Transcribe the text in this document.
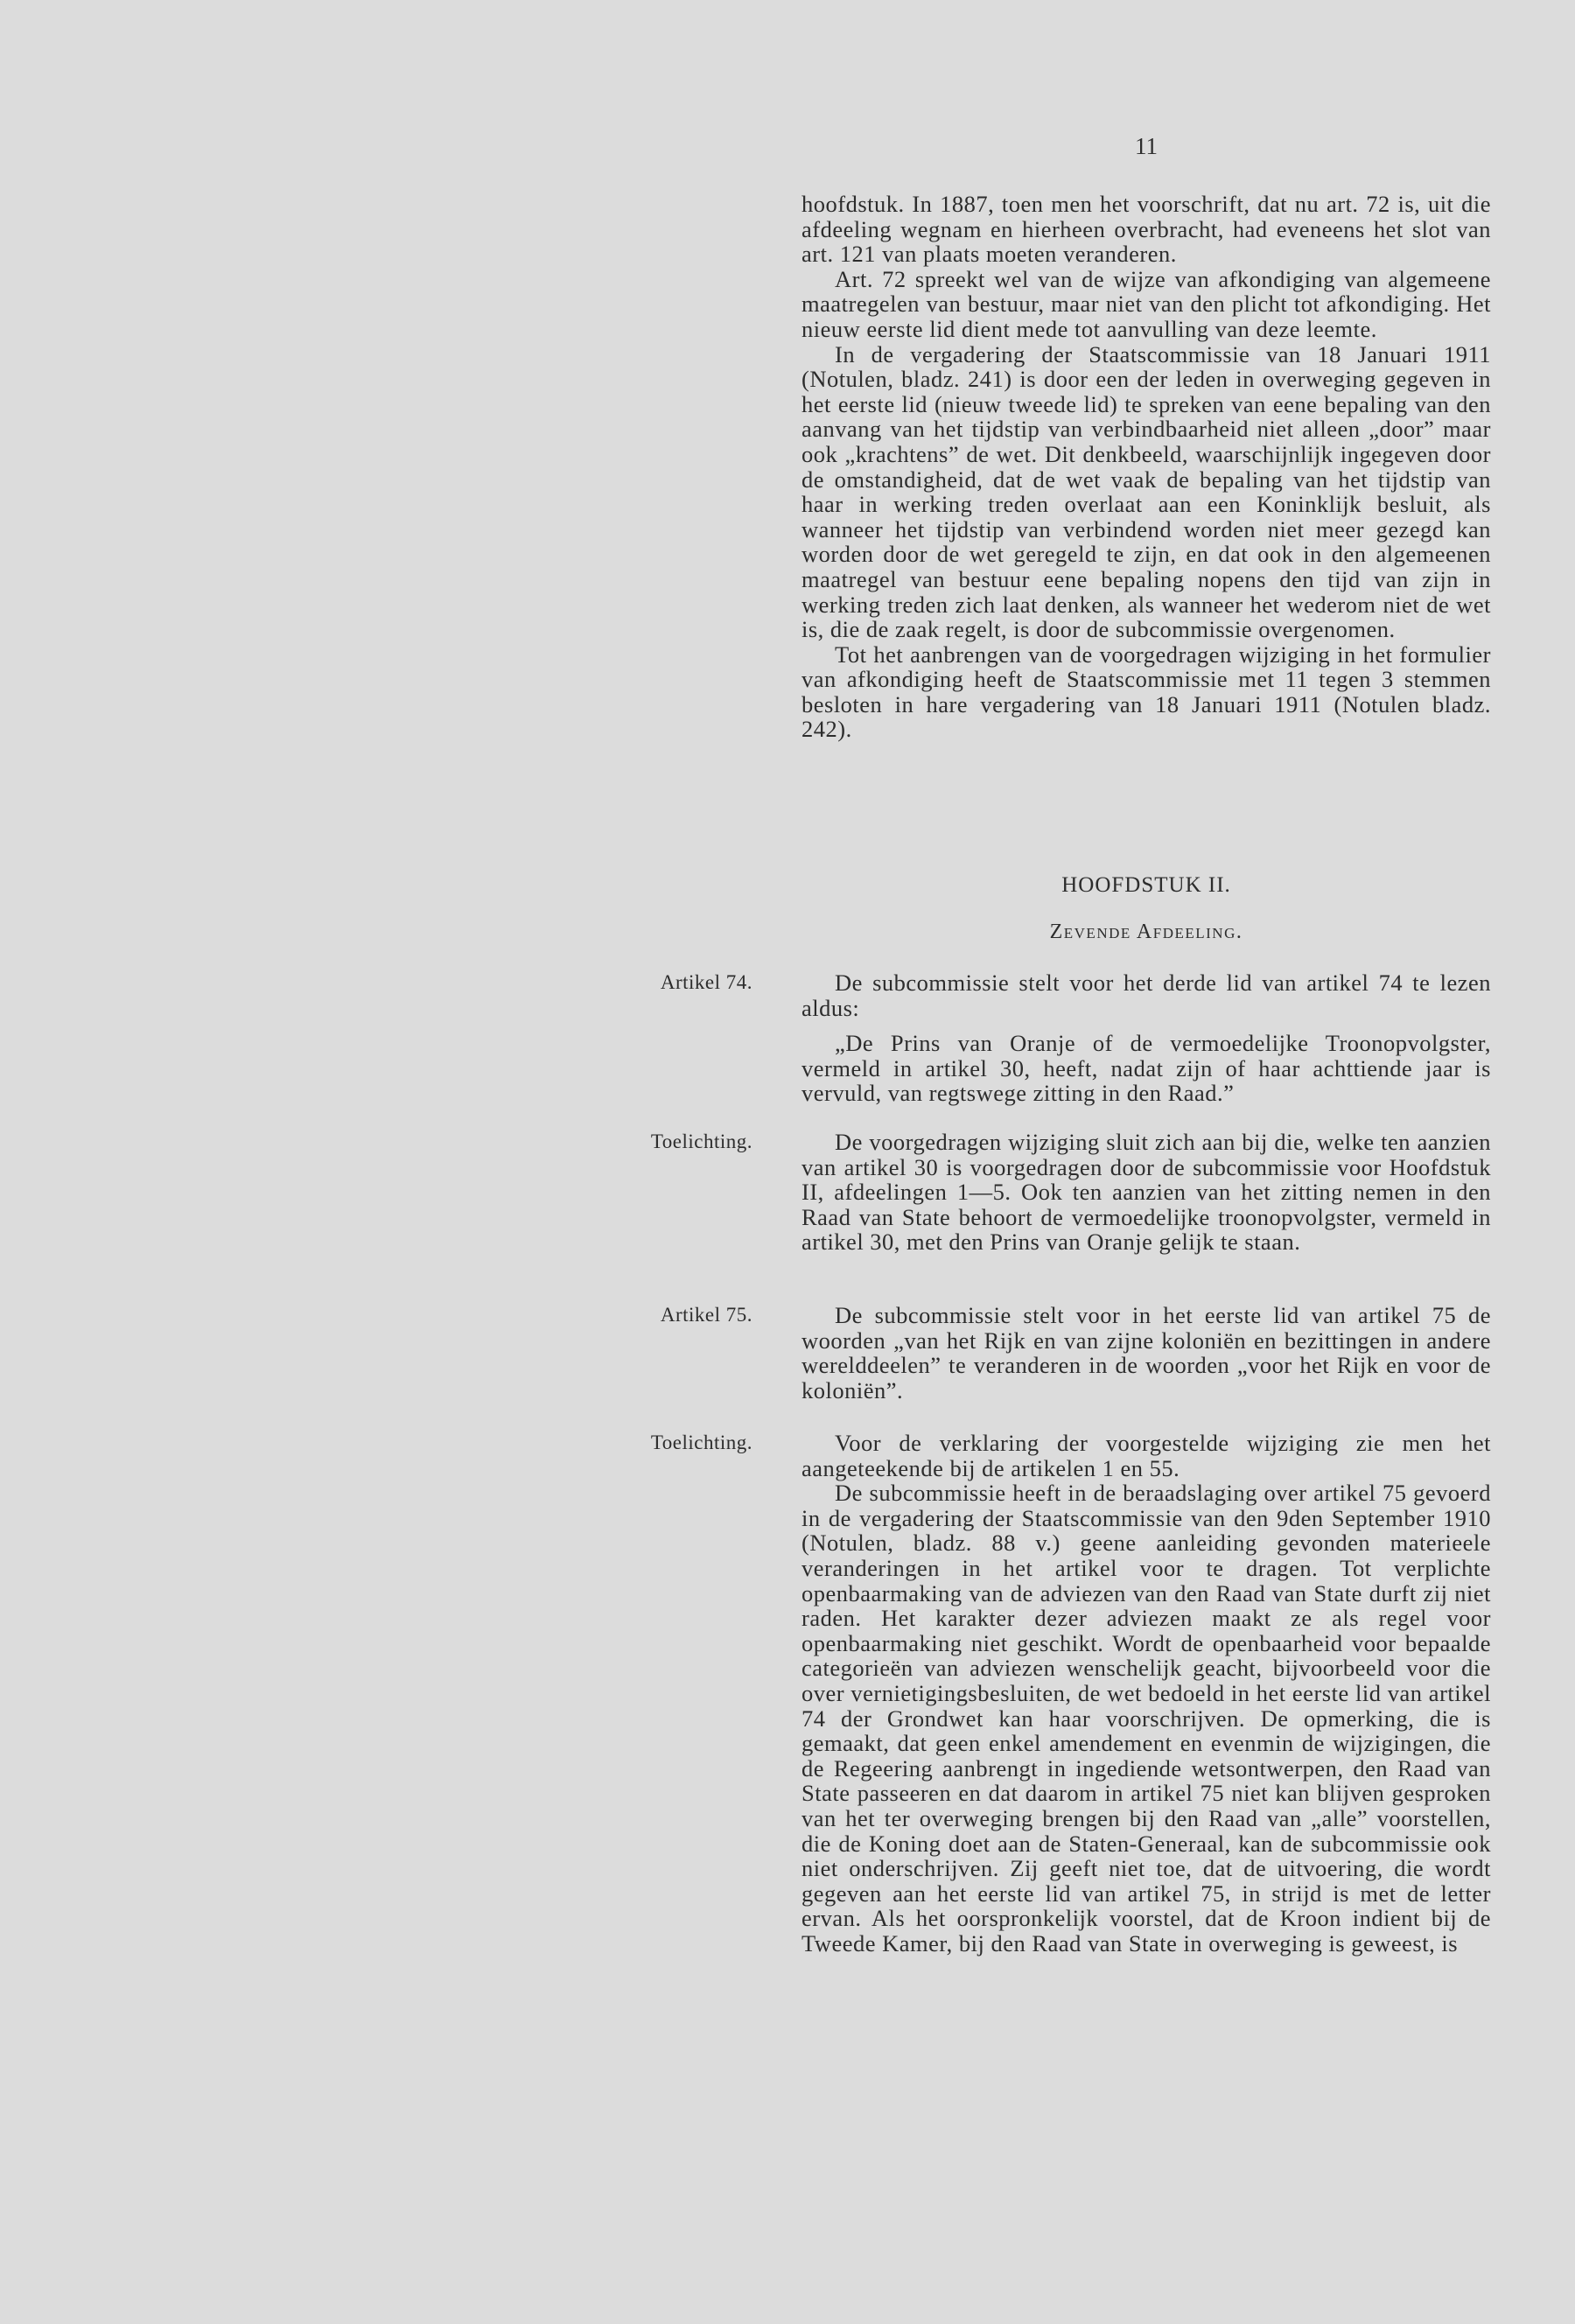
11

hoofdstuk. In 1887, toen men het voorschrift, dat nu art. 72 is, uit die afdeeling wegnam en hierheen overbracht, had eveneens het slot van art. 121 van plaats moeten veranderen.

Art. 72 spreekt wel van de wijze van afkondiging van algemeene maatregelen van bestuur, maar niet van den plicht tot afkondiging. Het nieuw eerste lid dient mede tot aanvulling van deze leemte.

In de vergadering der Staatscommissie van 18 Januari 1911 (Notulen, bladz. 241) is door een der leden in overweging gegeven in het eerste lid (nieuw tweede lid) te spreken van eene bepaling van den aanvang van het tijdstip van verbindbaarheid niet alleen „door” maar ook „krachtens” de wet. Dit denkbeeld, waarschijnlijk ingegeven door de omstandigheid, dat de wet vaak de bepaling van het tijdstip van haar in werking treden overlaat aan een Koninklijk besluit, als wanneer het tijdstip van verbindend worden niet meer gezegd kan worden door de wet geregeld te zijn, en dat ook in den algemeenen maatregel van bestuur eene bepaling nopens den tijd van zijn in werking treden zich laat denken, als wanneer het wederom niet de wet is, die de zaak regelt, is door de subcommissie overgenomen.

Tot het aanbrengen van de voorgedragen wijziging in het formulier van afkondiging heeft de Staatscommissie met 11 tegen 3 stemmen besloten in hare vergadering van 18 Januari 1911 (Notulen bladz. 242).

HOOFDSTUK II.
Zevende Afdeeling.
Artikel 74.	De subcommissie stelt voor het derde lid van artikel 74 te lezen aldus:

„De Prins van Oranje of de vermoedelijke Troonopvolgster, vermeld in artikel 30, heeft, nadat zijn of haar achttiende jaar is vervuld, van regtswege zitting in den Raad.”

Toelichting.	De voorgedragen wijziging sluit zich aan bij die, welke ten aanzien van artikel 30 is voorgedragen door de subcommissie voor Hoofdstuk II, afdeelingen 1—5. Ook ten aanzien van het zitting nemen in den Raad van State behoort de vermoedelijke troonopvolgster, vermeld in artikel 30, met den Prins van Oranje gelijk te staan.

Artikel 75.	De subcommissie stelt voor in het eerste lid van artikel 75 de woorden „van het Rijk en van zijne koloniën en bezittingen in andere werelddeelen” te veranderen in de woorden „voor het Rijk en voor de koloniën”.

Toelichting.	Voor de verklaring der voorgestelde wijziging zie men het aangeteekende bij de artikelen 1 en 55.

De subcommissie heeft in de beraadslaging over artikel 75 gevoerd in de vergadering der Staatscommissie van den 9den September 1910 (Notulen, bladz. 88 v.) geene aanleiding gevonden materieele veranderingen in het artikel voor te dragen. Tot verplichte openbaarmaking van de adviezen van den Raad van State durft zij niet raden. Het karakter dezer adviezen maakt ze als regel voor openbaarmaking niet geschikt. Wordt de openbaarheid voor bepaalde categorieën van adviezen wenschelijk geacht, bijvoorbeeld voor die over vernietigingsbesluiten, de wet bedoeld in het eerste lid van artikel 74 der Grondwet kan haar voorschrijven. De opmerking, die is gemaakt, dat geen enkel amendement en evenmin de wijzigingen, die de Regeering aanbrengt in ingediende wetsontwerpen, den Raad van State passeeren en dat daarom in artikel 75 niet kan blijven gesproken van het ter overweging brengen bij den Raad van „alle” voorstellen, die de Koning doet aan de Staten-Generaal, kan de subcommissie ook niet onderschrijven. Zij geeft niet toe, dat de uitvoering, die wordt gegeven aan het eerste lid van artikel 75, in strijd is met de letter ervan. Als het oorspronkelijk voorstel, dat de Kroon indient bij de Tweede Kamer, bij den Raad van State in overweging is geweest, is
